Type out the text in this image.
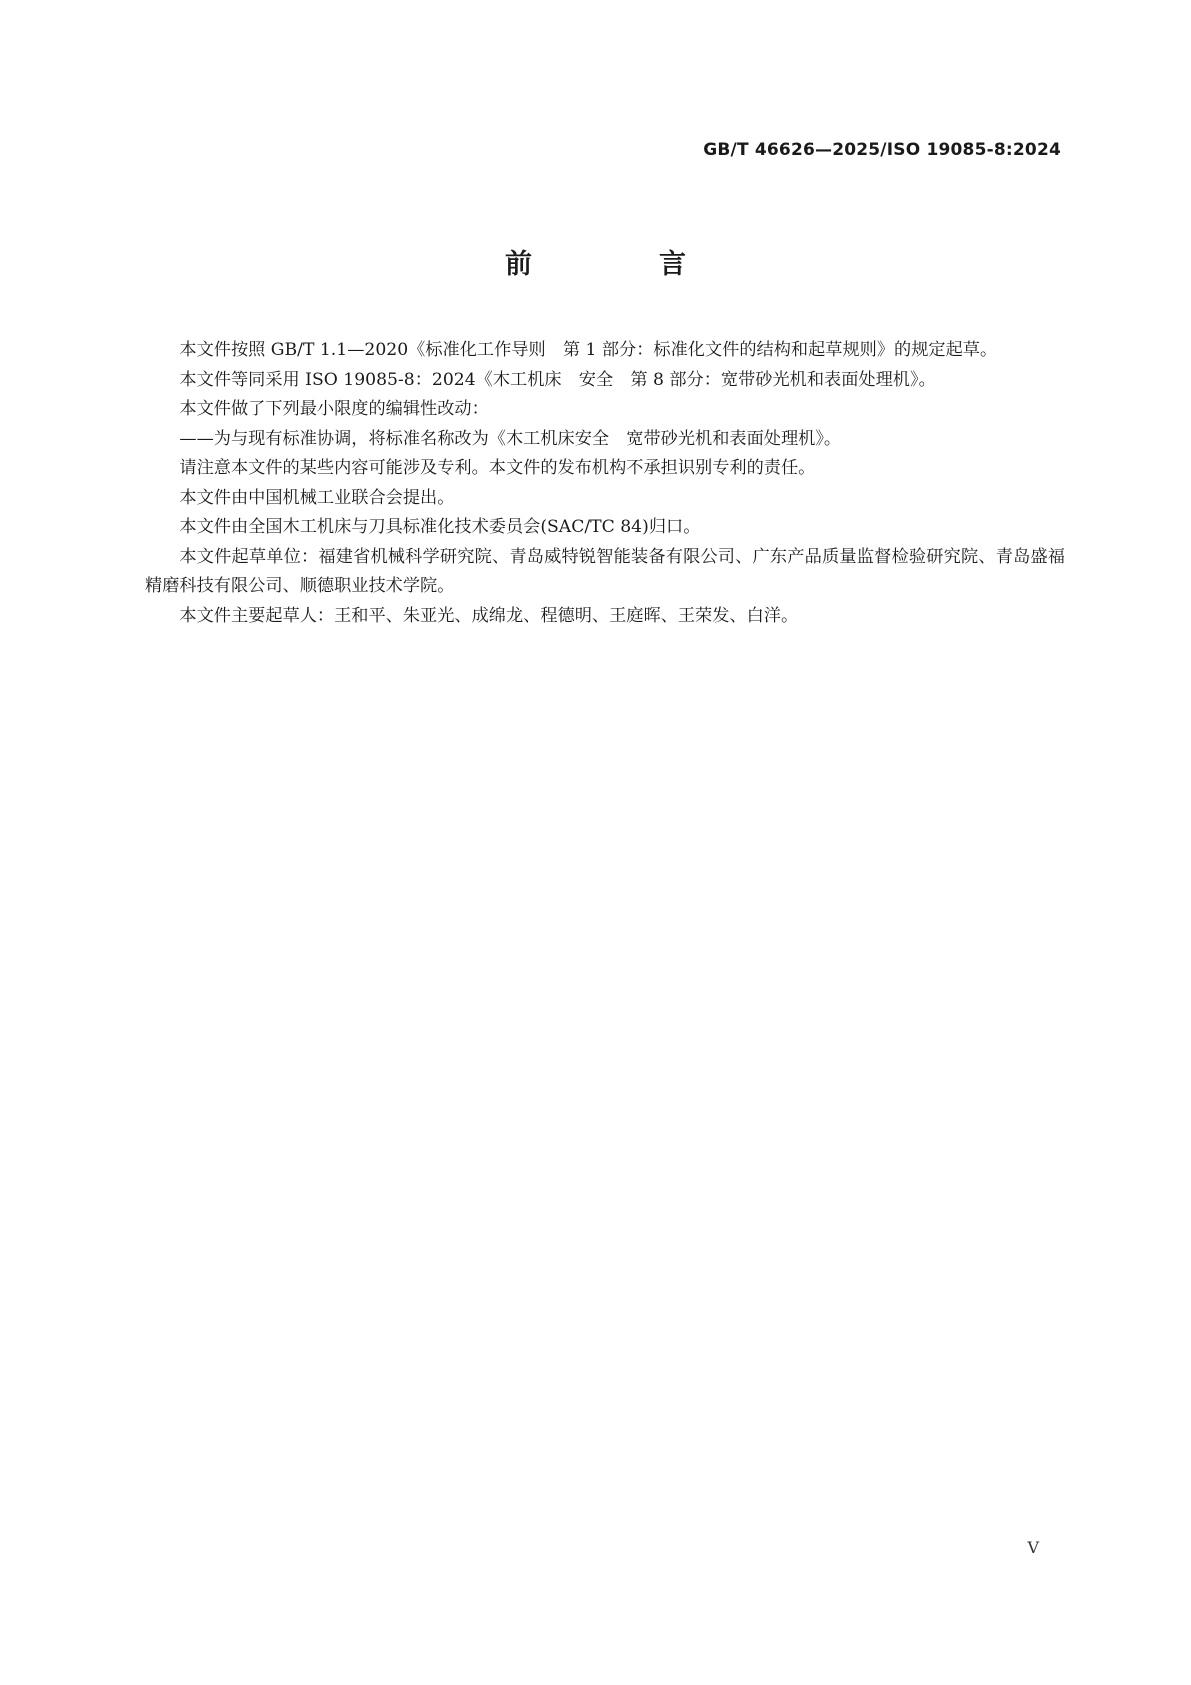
GB/T 46626—2025/ISO 19085-8:2024
前　言

本文件按照 GB/T 1.1—2020《标准化工作导则　第 1 部分：标准化文件的结构和起草规则》的规定起草。

本文件等同采用 ISO 19085-8：2024《木工机床　安全　第 8 部分：宽带砂光机和表面处理机》。

本文件做了下列最小限度的编辑性改动：

——为与现有标准协调，将标准名称改为《木工机床安全　宽带砂光机和表面处理机》。

请注意本文件的某些内容可能涉及专利。本文件的发布机构不承担识别专利的责任。

本文件由中国机械工业联合会提出。

本文件由全国木工机床与刀具标准化技术委员会(SAC/TC 84)归口。

本文件起草单位：福建省机械科学研究院、青岛威特锐智能装备有限公司、广东产品质量监督检验研究院、青岛盛福精磨科技有限公司、顺德职业技术学院。

本文件主要起草人：王和平、朱亚光、成绵龙、程德明、王庭晖、王荣发、白洋。

V
